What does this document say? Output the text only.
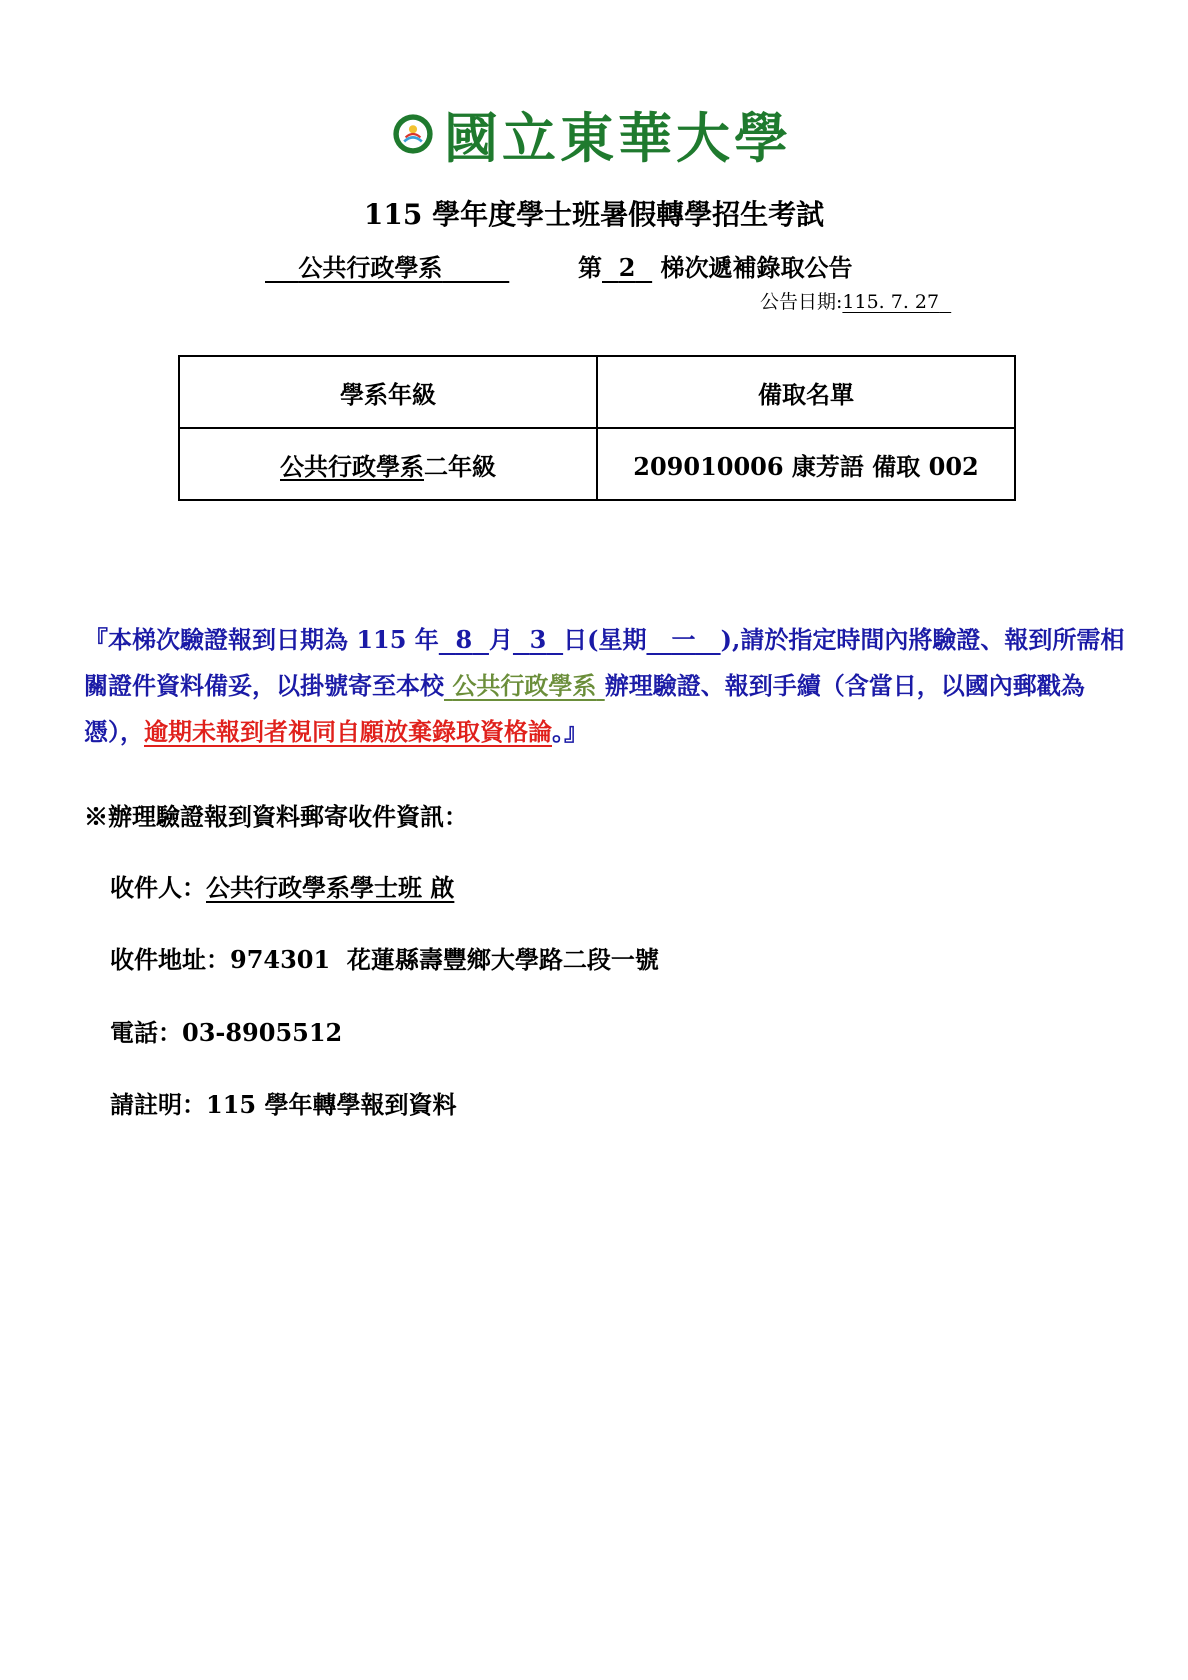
國立東華大學
115 學年度學士班暑假轉學招生考試
公共行政學系	第 2 梯次遞補錄取公告
公告日期:115. 7. 27
學系年級	備取名單
公共行政學系二年級	209010006 康芳語 備取 002
『本梯次驗證報到日期為 115 年 8 月 3 日(星期 一 ),請於指定時間內將驗證、報到所需相關證件資料備妥，以掛號寄至本校 公共行政學系 辦理驗證、報到手續（含當日，以國內郵戳為憑），逾期未報到者視同自願放棄錄取資格論。』
※辦理驗證報到資料郵寄收件資訊：
收件人：公共行政學系學士班 啟
收件地址：974301  花蓮縣壽豐鄉大學路二段一號
電話：03-8905512
請註明：115 學年轉學報到資料
